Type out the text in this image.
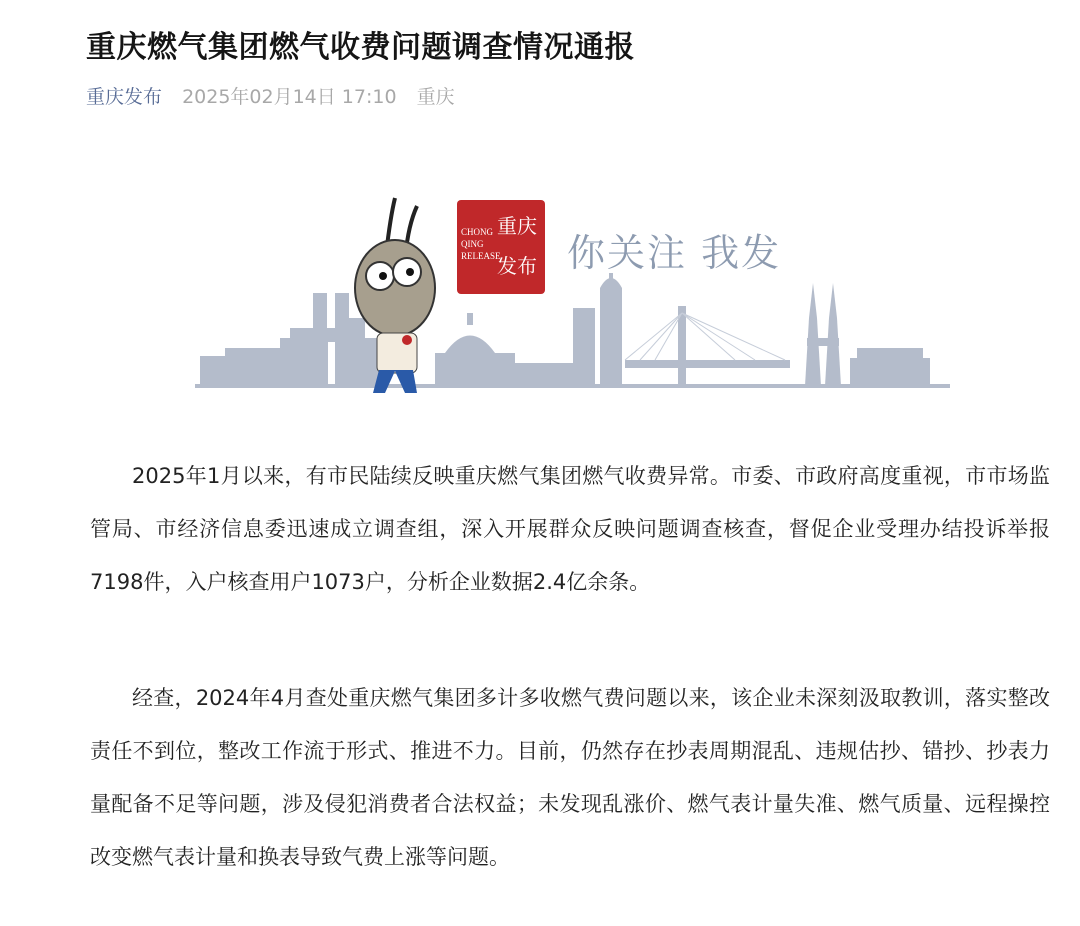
重庆燃气集团燃气收费问题调查情况通报
重庆发布 2025年02月14日 17:10 重庆
CHONG QING RELEASE
重庆发布 你关注 我发

2025年1月以来，有市民陆续反映重庆燃气集团燃气收费异常。市委、市政府高度重视，市市场监管局、市经济信息委迅速成立调查组，深入开展群众反映问题调查核查，督促企业受理办结投诉举报7198件，入户核查用户1073户，分析企业数据2.4亿余条。

经查，2024年4月查处重庆燃气集团多计多收燃气费问题以来，该企业未深刻汲取教训，落实整改责任不到位，整改工作流于形式、推进不力。目前，仍然存在抄表周期混乱、违规估抄、错抄、抄表力量配备不足等问题，涉及侵犯消费者合法权益；未发现乱涨价、燃气表计量失准、燃气质量、远程操控改变燃气表计量和换表导致气费上涨等问题。
